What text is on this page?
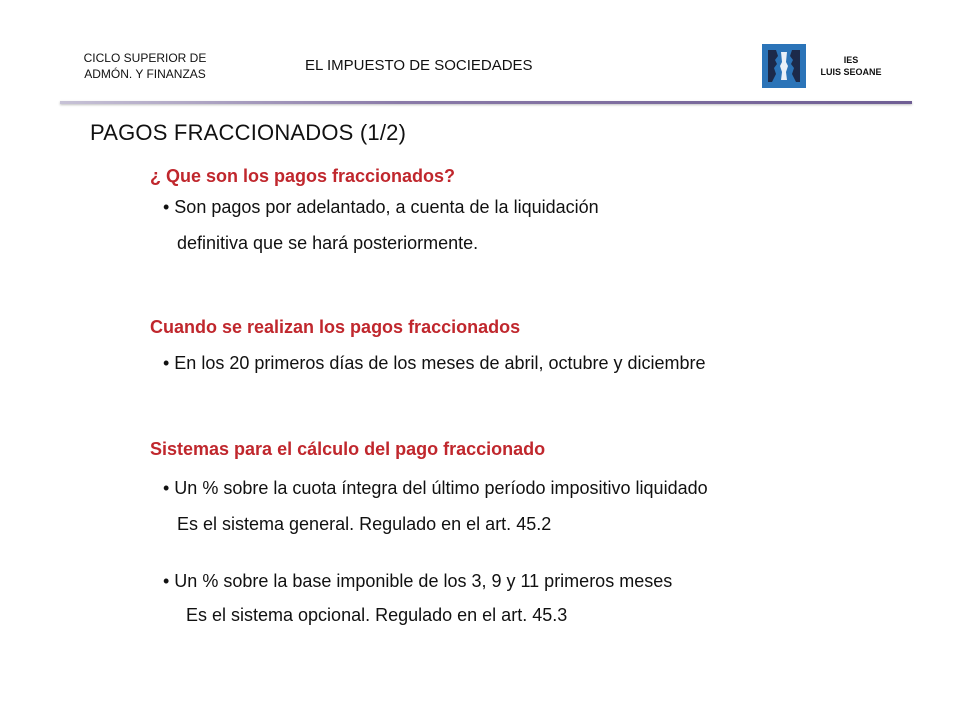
CICLO SUPERIOR DE
ADMÓN. Y FINANZAS	EL IMPUESTO DE SOCIEDADES	IES
LUIS SEOANE
PAGOS FRACCIONADOS (1/2)
¿ Que son los pagos fraccionados?
• Son pagos por adelantado, a cuenta de la liquidación
definitiva que se hará posteriormente.
Cuando se realizan los pagos fraccionados
• En los 20 primeros días de los meses de abril, octubre y diciembre
Sistemas para el cálculo del pago fraccionado
• Un % sobre la cuota íntegra del último período impositivo liquidado
Es el sistema general. Regulado en el art. 45.2
• Un % sobre la base imponible de los 3, 9 y 11 primeros meses
Es el sistema opcional. Regulado en el art. 45.3
